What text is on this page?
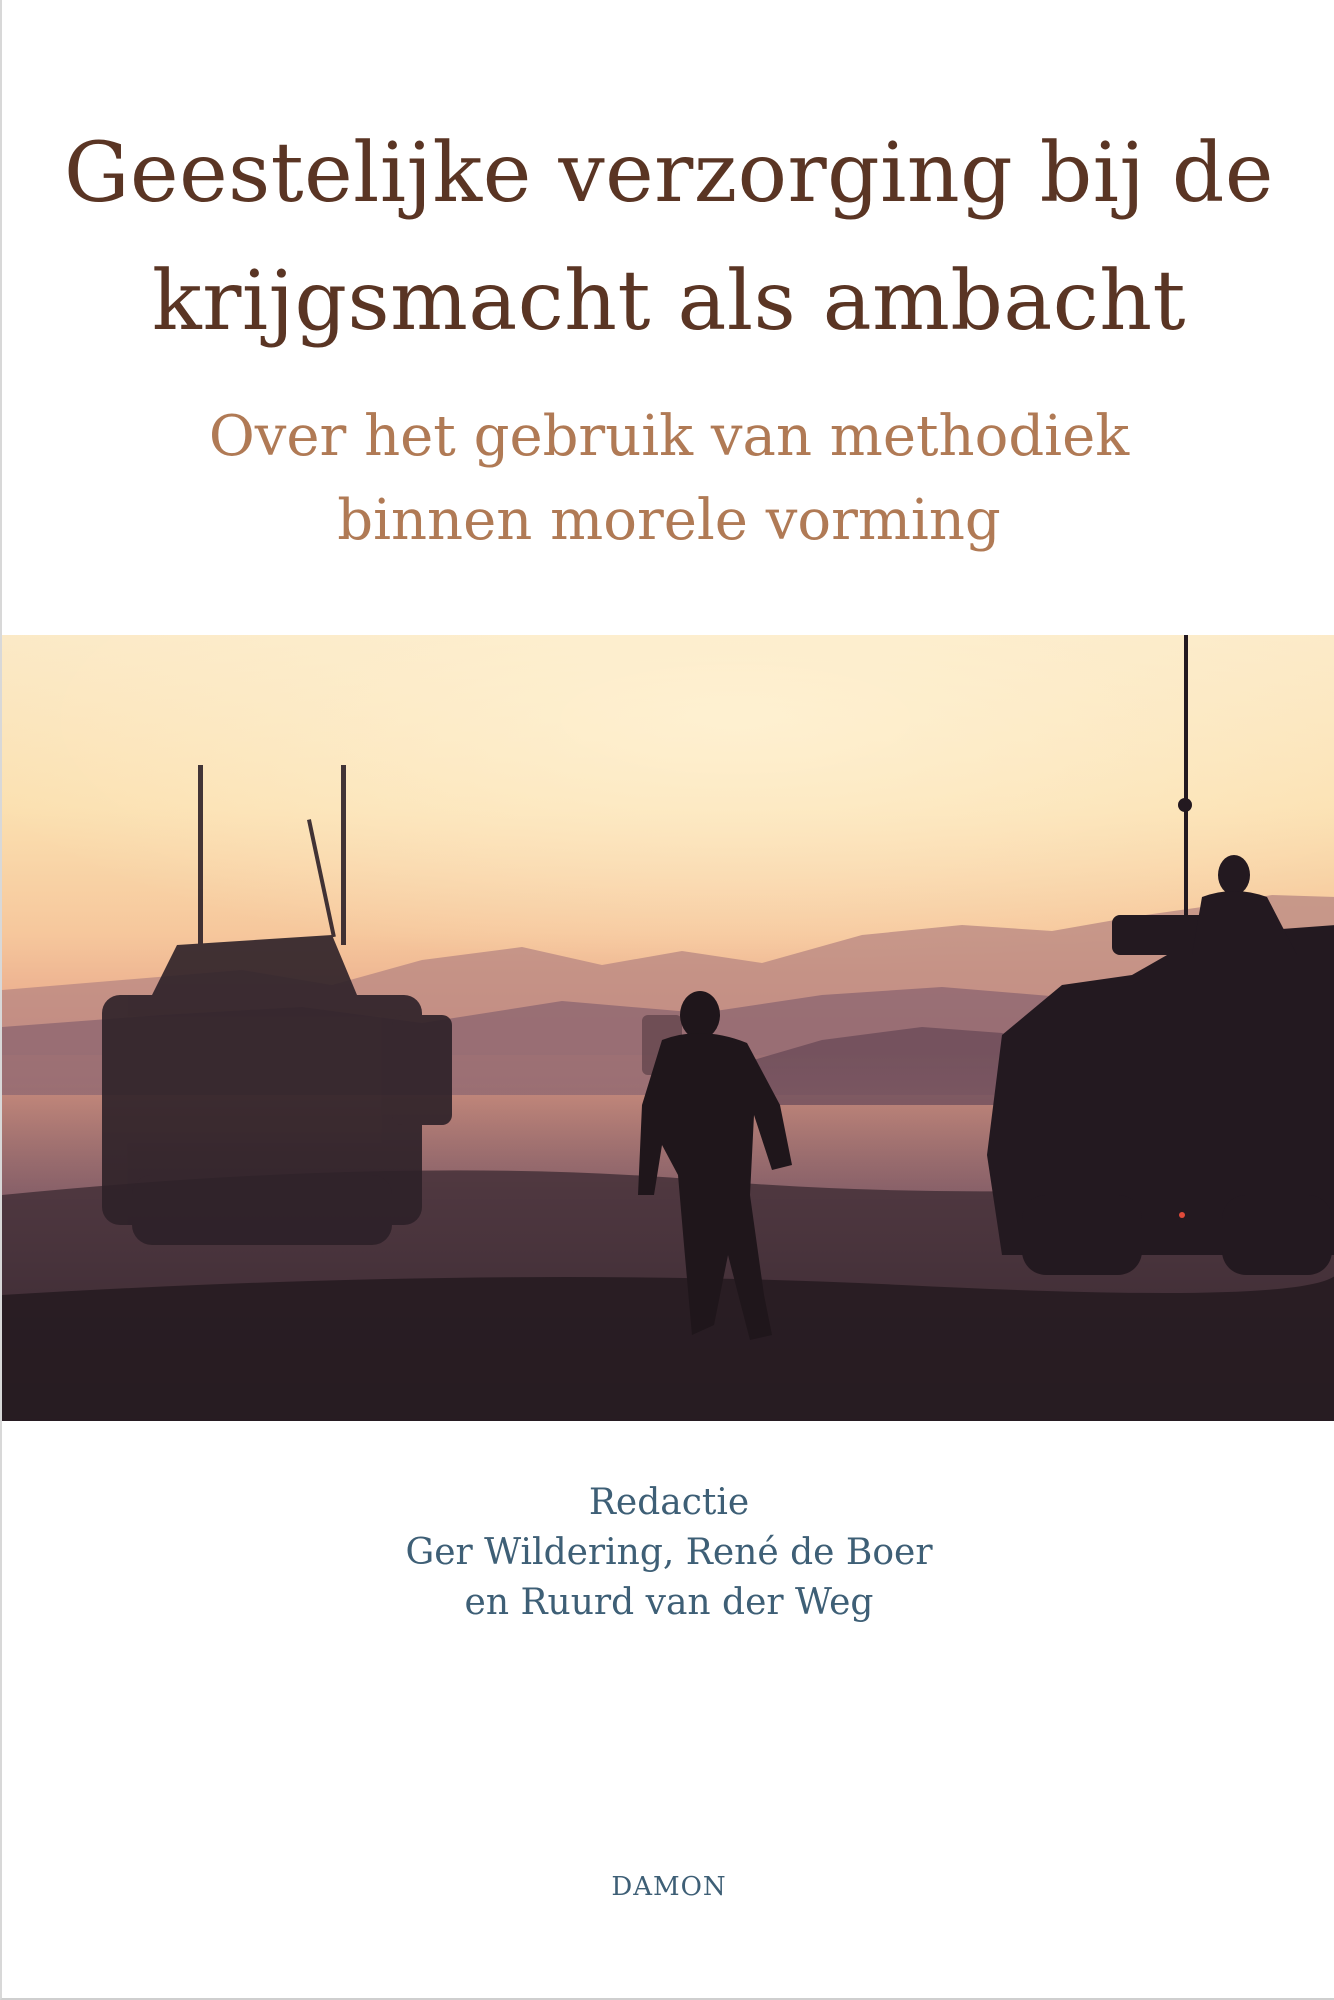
Geestelijke verzorging bij de
krijgsmacht als ambacht
Over het gebruik van methodiek
binnen morele vorming
Redactie
Ger Wildering, René de Boer
en Ruurd van der Weg
DAMON
